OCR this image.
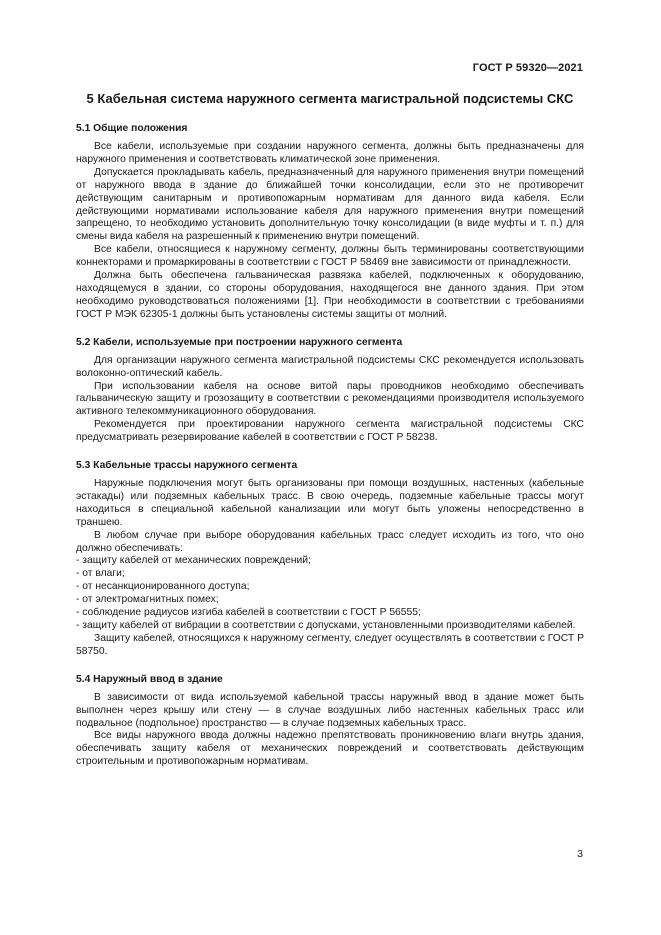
ГОСТ Р 59320—2021
5 Кабельная система наружного сегмента магистральной подсистемы СКС
5.1 Общие положения

Все кабели, используемые при создании наружного сегмента, должны быть предназначены для наружного применения и соответствовать климатической зоне применения.

Допускается прокладывать кабель, предназначенный для наружного применения внутри помещений от наружного ввода в здание до ближайшей точки консолидации, если это не противоречит действующим санитарным и противопожарным нормативам для данного вида кабеля. Если действующими нормативами использование кабеля для наружного применения внутри помещений запрещено, то необходимо установить дополнительную точку консолидации (в виде муфты и т. п.) для смены вида кабеля на разрешенный к применению внутри помещений.

Все кабели, относящиеся к наружному сегменту, должны быть терминированы соответствующими коннекторами и промаркированы в соответствии с ГОСТ Р 58469 вне зависимости от принадлежности.

Должна быть обеспечена гальваническая развязка кабелей, подключенных к оборудованию, находящемуся в здании, со стороны оборудования, находящегося вне данного здания. При этом необходимо руководствоваться положениями [1]. При необходимости в соответствии с требованиями ГОСТ Р МЭК 62305-1 должны быть установлены системы защиты от молний.

5.2 Кабели, используемые при построении наружного сегмента

Для организации наружного сегмента магистральной подсистемы СКС рекомендуется использовать волоконно-оптический кабель.

При использовании кабеля на основе витой пары проводников необходимо обеспечивать гальваническую защиту и грозозащиту в соответствии с рекомендациями производителя используемого активного телекоммуникационного оборудования.

Рекомендуется при проектировании наружного сегмента магистральной подсистемы СКС предусматривать резервирование кабелей в соответствии с ГОСТ Р 58238.

5.3 Кабельные трассы наружного сегмента

Наружные подключения могут быть организованы при помощи воздушных, настенных (кабельные эстакады) или подземных кабельных трасс. В свою очередь, подземные кабельные трассы могут находиться в специальной кабельной канализации или могут быть уложены непосредственно в траншею.

В любом случае при выборе оборудования кабельных трасс следует исходить из того, что оно должно обеспечивать:

- защиту кабелей от механических повреждений;
- от влаги;
- от несанкционированного доступа;
- от электромагнитных помех;
- соблюдение радиусов изгиба кабелей в соответствии с ГОСТ Р 56555;
- защиту кабелей от вибрации в соответствии с допусками, установленными производителями кабелей.

Защиту кабелей, относящихся к наружному сегменту, следует осуществлять в соответствии с ГОСТ Р 58750.

5.4 Наружный ввод в здание

В зависимости от вида используемой кабельной трассы наружный ввод в здание может быть выполнен через крышу или стену — в случае воздушных либо настенных кабельных трасс или подвальное (подпольное) пространство — в случае подземных кабельных трасс.

Все виды наружного ввода должны надежно препятствовать проникновению влаги внутрь здания, обеспечивать защиту кабеля от механических повреждений и соответствовать действующим строительным и противопожарным нормативам.

3
